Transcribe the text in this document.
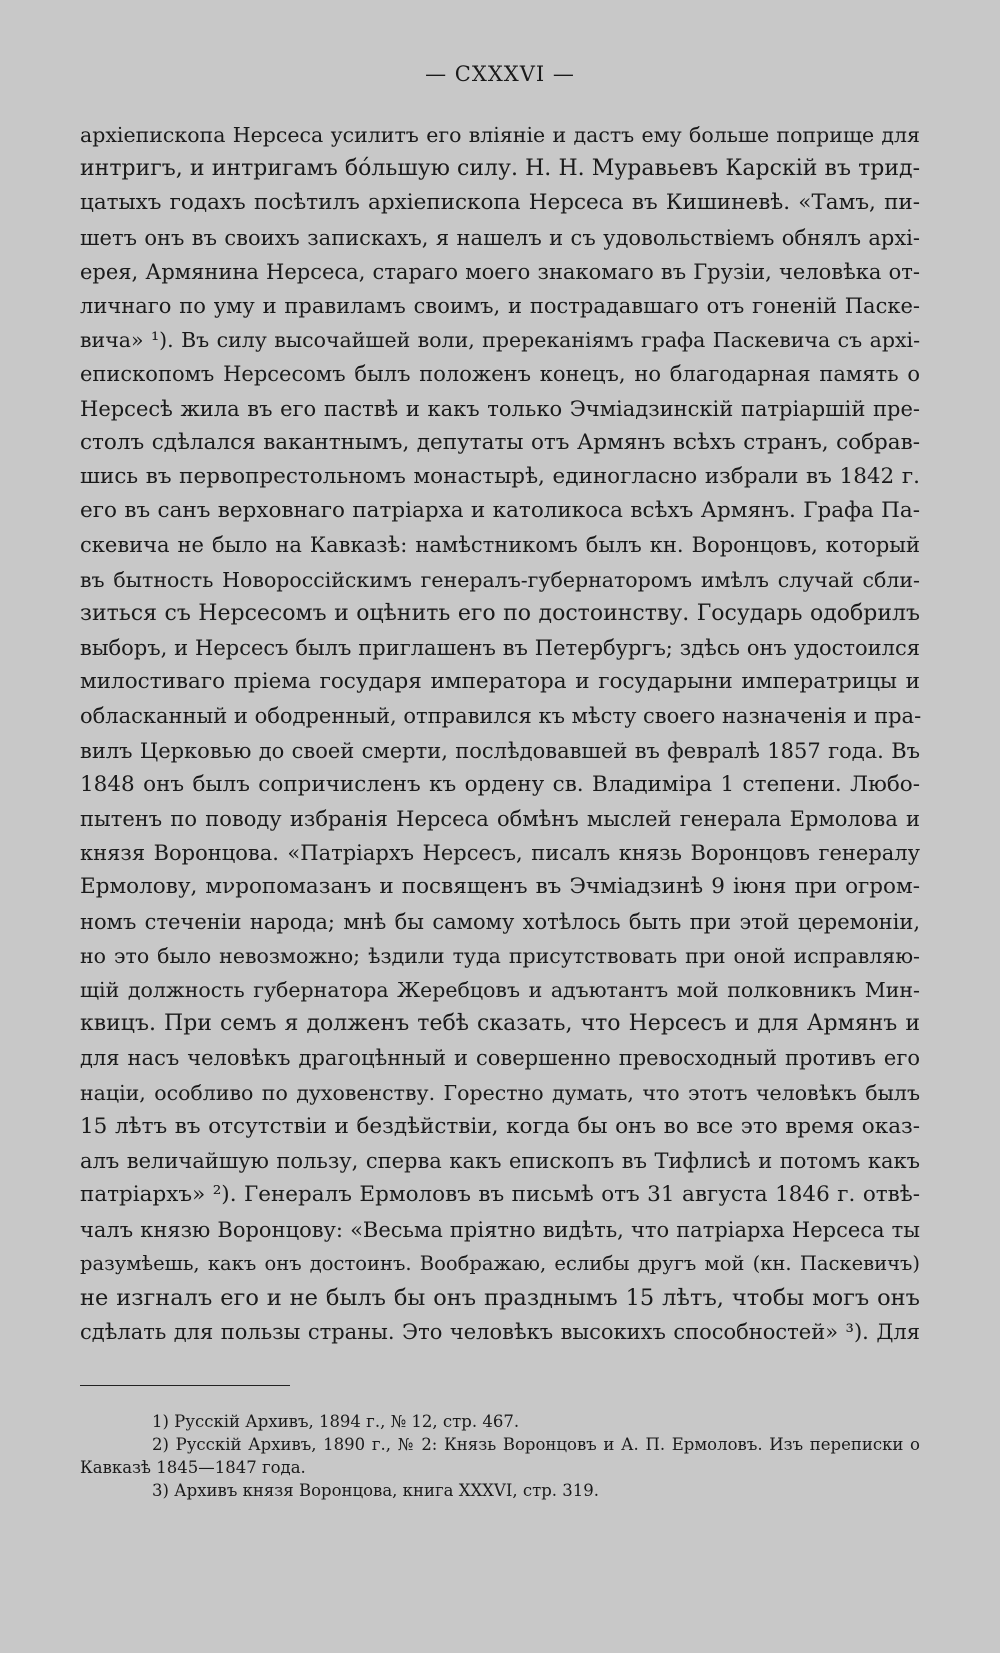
— CXXXVI —
архіепископа Нерсеса усилитъ его вліяніе и дастъ ему больше поприще для
интригъ, и интригамъ бо́льшую силу. Н. Н. Муравьевъ Карскій въ трид-
цатыхъ годахъ посѣтилъ архіепископа Нерсеса въ Кишиневѣ. «Тамъ, пи-
шетъ онъ въ своихъ запискахъ, я нашелъ и съ удовольствіемъ обнялъ архі-
ерея, Армянина Нерсеса, стараго моего знакомаго въ Грузіи, человѣка от-
личнаго по уму и правиламъ своимъ, и пострадавшаго отъ гоненій Паске-
вича» ¹). Въ силу высочайшей воли, пререканіямъ графа Паскевича съ архі-
епископомъ Нерсесомъ былъ положенъ конецъ, но благодарная память о
Нерсесѣ жила въ его паствѣ и какъ только Эчміадзинскій патріаршій пре-
столъ сдѣлался вакантнымъ, депутаты отъ Армянъ всѣхъ странъ, собрав-
шись въ первопрестольномъ монастырѣ, единогласно избрали въ 1842 г.
его въ санъ верховнаго патріарха и католикоса всѣхъ Армянъ. Графа Па-
скевича не было на Кавказѣ: намѣстникомъ былъ кн. Воронцовъ, который
въ бытность Новороссійскимъ генералъ-губернаторомъ имѣлъ случай сбли-
зиться съ Нерсесомъ и оцѣнить его по достоинству. Государь одобрилъ
выборъ, и Нерсесъ былъ приглашенъ въ Петербургъ; здѣсь онъ удостоился
милостиваго пріема государя императора и государыни императрицы и
обласканный и ободренный, отправился къ мѣсту своего назначенія и пра-
вилъ Церковью до своей смерти, послѣдовавшей въ февралѣ 1857 года. Въ
1848 онъ былъ сопричисленъ къ ордену св. Владиміра 1 степени. Любо-
пытенъ по поводу избранія Нерсеса обмѣнъ мыслей генерала Ермолова и
князя Воронцова. «Патріархъ Нерсесъ, писалъ князь Воронцовъ генералу
Ермолову, мνропомазанъ и посвященъ въ Эчміадзинѣ 9 іюня при огром-
номъ стеченіи народа; мнѣ бы самому хотѣлось быть при этой церемоніи,
но это было невозможно; ѣздили туда присутствовать при оной исправляю-
щій должность губернатора Жеребцовъ и адъютантъ мой полковникъ Мин-
квицъ. При семъ я долженъ тебѣ сказать, что Нерсесъ и для Армянъ и
для насъ человѣкъ драгоцѣнный и совершенно превосходный противъ его
націи, особливо по духовенству. Горестно думать, что этотъ человѣкъ былъ
15 лѣтъ въ отсутствіи и бездѣйствіи, когда бы онъ во все это время оказ-
алъ величайшую пользу, сперва какъ епископъ въ Тифлисѣ и потомъ какъ
патріархъ» ²). Генералъ Ермоловъ въ письмѣ отъ 31 августа 1846 г. отвѣ-
чалъ князю Воронцову: «Весьма пріятно видѣть, что патріарха Нерсеса ты
разумѣешь, какъ онъ достоинъ. Воображаю, еслибы другъ мой (кн. Паскевичъ)
не изгналъ его и не былъ бы онъ празднымъ 15 лѣтъ, чтобы могъ онъ
сдѣлать для пользы страны. Это человѣкъ высокихъ способностей» ³). Для
1) Русскій Архивъ, 1894 г., № 12, стр. 467.
2) Русскій Архивъ, 1890 г., № 2: Князь Воронцовъ и А. П. Ермоловъ. Изъ переписки о
Кавказѣ 1845—1847 года.
3) Архивъ князя Воронцова, книга XXXVI, стр. 319.
